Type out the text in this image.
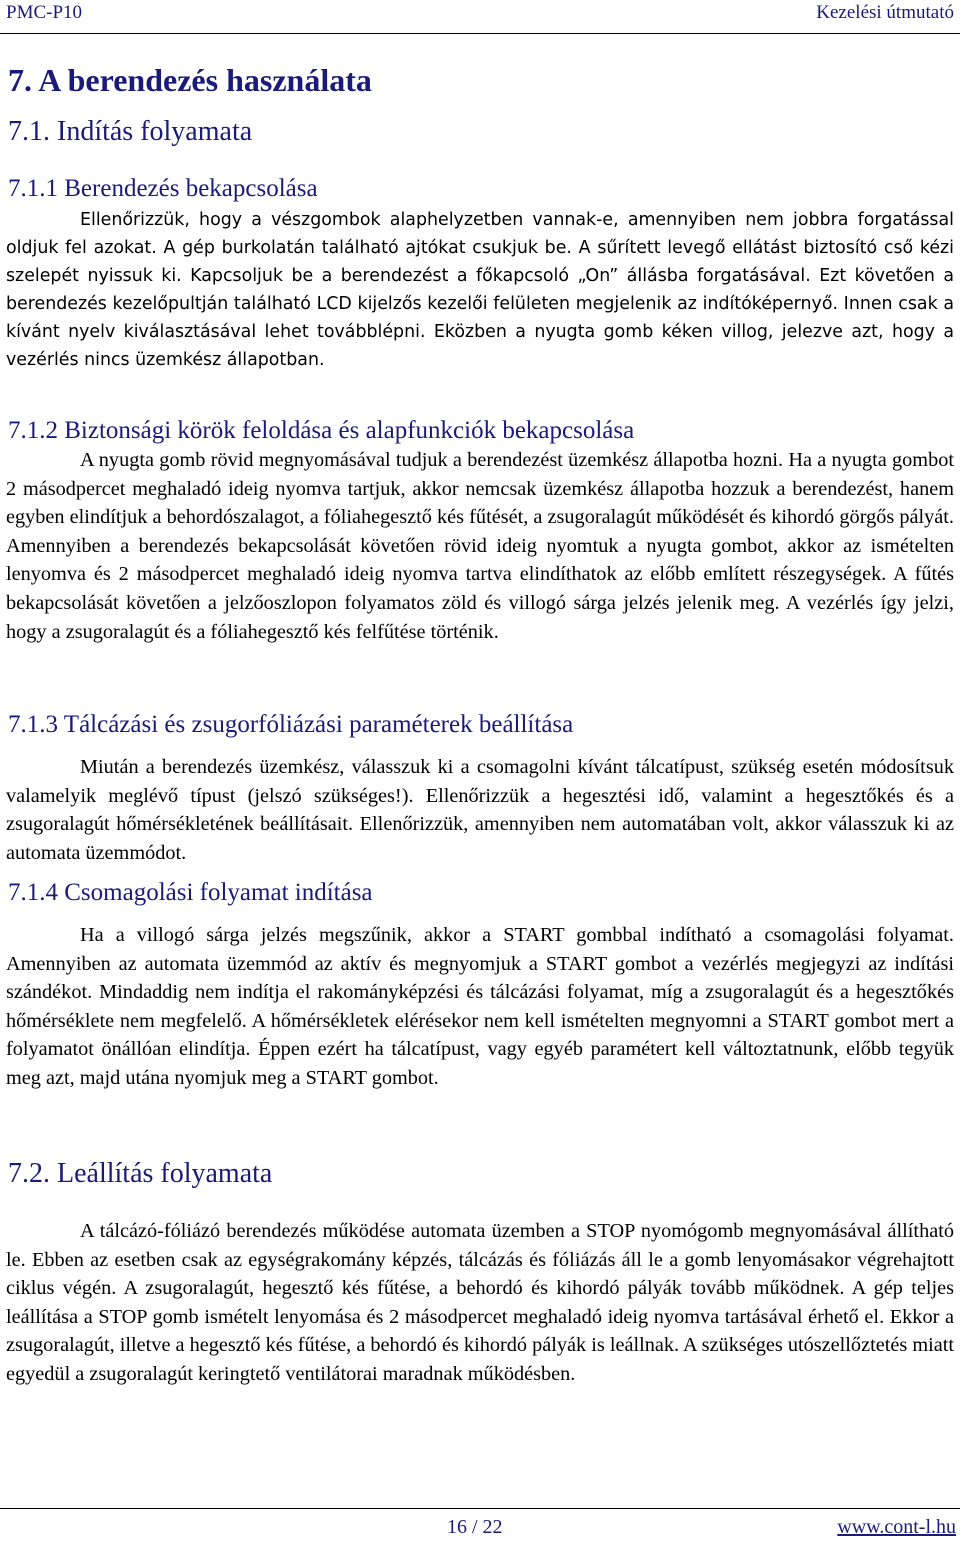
PMC-P10	Kezelési útmutató
7. A berendezés használata
7.1. Indítás folyamata
7.1.1 Berendezés bekapcsolása

Ellenőrizzük, hogy a vészgombok alaphelyzetben vannak-e, amennyiben nem jobbra forgatással oldjuk fel azokat. A gép burkolatán található ajtókat csukjuk be. A sűrített levegő ellátást biztosító cső kézi szelepét nyissuk ki. Kapcsoljuk be a berendezést a főkapcsoló „On” állásba forgatásával. Ezt követően a berendezés kezelőpultján található LCD kijelzős kezelői felületen megjelenik az indítóképernyő. Innen csak a kívánt nyelv kiválasztásával lehet továbblépni. Eközben a nyugta gomb kéken villog, jelezve azt, hogy a vezérlés nincs üzemkész állapotban.

7.1.2 Biztonsági körök feloldása és alapfunkciók bekapcsolása

A nyugta gomb rövid megnyomásával tudjuk a berendezést üzemkész állapotba hozni. Ha a nyugta gombot 2 másodpercet meghaladó ideig nyomva tartjuk, akkor nemcsak üzemkész állapotba hozzuk a berendezést, hanem egyben elindítjuk a behordószalagot, a fóliahegesztő kés fűtését, a zsugoralagút működését és kihordó görgős pályát. Amennyiben a berendezés bekapcsolását követően rövid ideig nyomtuk a nyugta gombot, akkor az ismételten lenyomva és 2 másodpercet meghaladó ideig nyomva tartva elindíthatok az előbb említett részegységek. A fűtés bekapcsolását követően a jelzőoszlopon folyamatos zöld és villogó sárga jelzés jelenik meg. A vezérlés így jelzi, hogy a zsugoralagút és a fóliahegesztő kés felfűtése történik.

7.1.3 Tálcázási és zsugorfóliázási paraméterek beállítása

Miután a berendezés üzemkész, válasszuk ki a csomagolni kívánt tálcatípust, szükség esetén módosítsuk valamelyik meglévő típust (jelszó szükséges!). Ellenőrizzük a hegesztési idő, valamint a hegesztőkés és a zsugoralagút hőmérsékletének beállításait. Ellenőrizzük, amennyiben nem automatában volt, akkor válasszuk ki az automata üzemmódot.

7.1.4 Csomagolási folyamat indítása

Ha a villogó sárga jelzés megszűnik, akkor a START gombbal indítható a csomagolási folyamat. Amennyiben az automata üzemmód az aktív és megnyomjuk a START gombot a vezérlés megjegyzi az indítási szándékot. Mindaddig nem indítja el rakományképzési és tálcázási folyamat, míg a zsugoralagút és a hegesztőkés hőmérséklete nem megfelelő. A hőmérsékletek elérésekor nem kell ismételten megnyomni a START gombot mert a folyamatot önállóan elindítja. Éppen ezért ha tálcatípust, vagy egyéb paramétert kell változtatnunk, előbb tegyük meg azt, majd utána nyomjuk meg a START gombot.

7.2. Leállítás folyamata

A tálcázó-fóliázó berendezés működése automata üzemben a STOP nyomógomb megnyomásával állítható le. Ebben az esetben csak az egységrakomány képzés, tálcázás és fóliázás áll le a gomb lenyomásakor végrehajtott ciklus végén. A zsugoralagút, hegesztő kés fűtése, a behordó és kihordó pályák tovább működnek. A gép teljes leállítása a STOP gomb ismételt lenyomása és 2 másodpercet meghaladó ideig nyomva tartásával érhető el. Ekkor a zsugoralagút, illetve a hegesztő kés fűtése, a behordó és kihordó pályák is leállnak. A szükséges utószellőztetés miatt egyedül a zsugoralagút keringtető ventilátorai maradnak működésben.

16 / 22	www.cont-l.hu
